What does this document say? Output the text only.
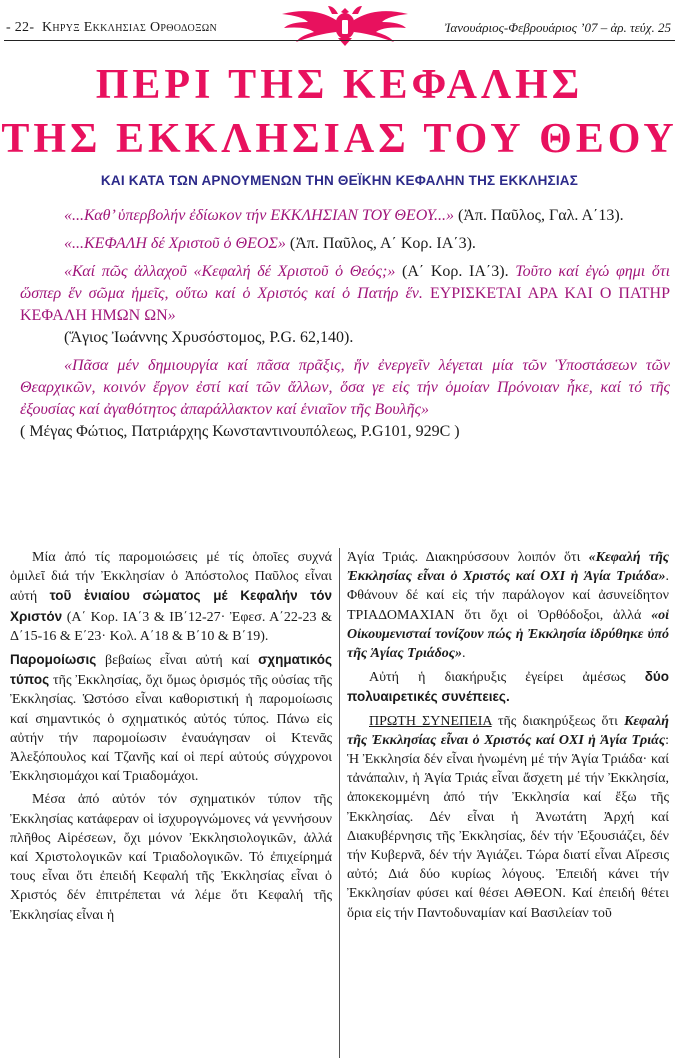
- 22- Κηρυξ Εκκλησιας Ορθοδοξων	Ἰανουάριος-Φεβρουάριος ’07 – ἀρ. τεύχ. 25
ΠΕΡΙ ΤΗΣ ΚΕΦΑΛΗΣ
ΤΗΣ ΕΚΚΛΗΣΙΑΣ ΤΟΥ ΘΕΟΥ
ΚΑΙ ΚΑΤΑ ΤΩΝ ΑΡΝΟΥΜΕΝΩΝ ΤΗΝ ΘΕΪΚΗΝ ΚΕΦΑΛΗΝ ΤΗΣ ΕΚΚΛΗΣΙΑΣ

«...Καθ’ ὑπερβολήν ἐδίωκον τήν ΕΚΚΛΗΣΙΑΝ ΤΟΥ ΘΕΟΥ...» (Ἀπ. Παῦλος, Γαλ. Α΄13).

«...ΚΕΦΑΛΗ δέ Χριστοῦ ὁ ΘΕΟΣ» (Ἀπ. Παῦλος, Α΄ Κορ. ΙΑ΄3).

«Καί πῶς ἀλλαχοῦ «Κεφαλή δέ Χριστοῦ ὁ Θεός;» (Α΄ Κορ. ΙΑ΄3). Τοῦτο καί ἐγώ φημι ὅτι ὥσπερ ἕν σῶμα ἡμεῖς, οὕτω καί ὁ Χριστός καί ὁ Πατήρ ἕν. ΕΥΡΙΣΚΕΤΑΙ ΑΡΑ ΚΑΙ Ο ΠΑΤΗΡ ΚΕΦΑΛΗ ΗΜΩΝ ΩΝ»

(Ἅγιος Ἰωάννης Χρυσόστομος, P.G. 62,140).

«Πᾶσα μέν δημιουργία καί πᾶσα πρᾶξις, ἥν ἐνεργεῖν λέγεται μία τῶν Ὑποστάσεων τῶν Θεαρχικῶν, κοινόν ἔργον ἐστί καί τῶν ἄλλων, ὅσα γε εἰς τήν ὁμοίαν Πρόνοιαν ἧκε, καί τό τῆς ἐξουσίας καί ἀγαθότητος ἀπαράλλακτον καί ἑνιαῖον τῆς Βουλῆς»

( Μέγας Φώτιος, Πατριάρχης Κωνσταντινουπόλεως, P.G101, 929C )

Μία ἀπό τίς παρομοιώσεις μέ τίς ὁποῖες συχνά ὁμιλεῖ διά τήν Ἐκκλησίαν ὁ Ἀπόστολος Παῦλος εἶναι αὐτή τοῦ ἑνιαίου σώματος μέ Κεφαλήν τόν Χριστόν (Α΄ Κορ. ΙΑ΄3 & ΙΒ΄12-27· Ἐφεσ. Α΄22-23 & Δ΄15-16 & Ε΄23· Κολ. Α΄18 & Β΄10 & Β΄19).

Παρομοίωσις βεβαίως εἶναι αὐτή καί σχηματικός τύπος τῆς Ἐκκλησίας, ὄχι ὅμως ὁρισμός τῆς οὐσίας τῆς Ἐκκλησίας. Ὡστόσο εἶναι καθοριστική ἡ παρομοίωσις καί σημαντικός ὁ σχηματικός αὐτός τύπος. Πάνω εἰς αὐτήν τήν παρομοίωσιν ἐναυάγησαν οἱ Κτενᾶς Ἀλεξόπουλος καί Τζανῆς καί οἱ περί αὐτούς σύγχρονοι Ἐκκλησιομάχοι καί Τριαδομάχοι.

Μέσα ἀπό αὐτόν τόν σχηματικόν τύπον τῆς Ἐκκλησίας κατάφεραν οἱ ἰσχυρογνώμονες νά γεννήσουν πλῆθος Αἱρέσεων, ὄχι μόνον Ἐκκλησιολογικῶν, ἀλλά καί Χριστολογικῶν καί Τριαδολογικῶν. Τό ἐπιχείρημά τους εἶναι ὅτι ἐπειδή Κεφαλή τῆς Ἐκκλησίας εἶναι ὁ Χριστός δέν ἐπιτρέπεται νά λέμε ὅτι Κεφαλή τῆς Ἐκκλησίας εἶναι ἡ

Ἁγία Τριάς. Διακηρύσσουν λοιπόν ὅτι «Κεφαλή τῆς Ἐκκλησίας εἶναι ὁ Χριστός καί ΟΧΙ ἡ Ἁγία Τριάδα». Φθάνουν δέ καί εἰς τήν παράλογον καί ἀσυνείδητον ΤΡΙΑΔΟΜΑΧΙΑΝ ὅτι ὄχι οἱ Ὀρθόδοξοι, ἀλλά «οἱ Οἰκουμενισταί τονίζουν πώς ἡ Ἐκκλησία ἱδρύθηκε ὑπό τῆς Ἁγίας Τριάδος».

Αὐτή ἡ διακήρυξις ἐγείρει ἀμέσως δύο πολυαιρετικές συνέπειες.

ΠΡΩΤΗ ΣΥΝΕΠΕΙΑ τῆς διακηρύξεως ὅτι Κεφαλή τῆς Ἐκκλησίας εἶναι ὁ Χριστός καί ΟΧΙ ἡ Ἁγία Τριάς: Ἡ Ἐκκλησία δέν εἶναι ἡνωμένη μέ τήν Ἁγία Τριάδα· καί τἀνάπαλιν, ἡ Ἁγία Τριάς εἶναι ἄσχετη μέ τήν Ἐκκλησία, ἀποκεκομμένη ἀπό τήν Ἐκκλησία καί ἔξω τῆς Ἐκκλησίας. Δέν εἶναι ἡ Ἀνωτάτη Ἀρχή καί Διακυβέρνησις τῆς Ἐκκλησίας, δέν τήν Ἐξουσιάζει, δέν τήν Κυβερνᾶ, δέν τήν Ἁγιάζει. Τώρα διατί εἶναι Αἵρεσις αὐτό; Διά δύο κυρίως λόγους. Ἐπειδή κάνει τήν Ἐκκλησίαν φύσει καί θέσει ΑΘΕΟΝ. Καί ἐπειδή θέτει ὅρια εἰς τήν Παντοδυναμίαν καί Βασιλείαν τοῦ
